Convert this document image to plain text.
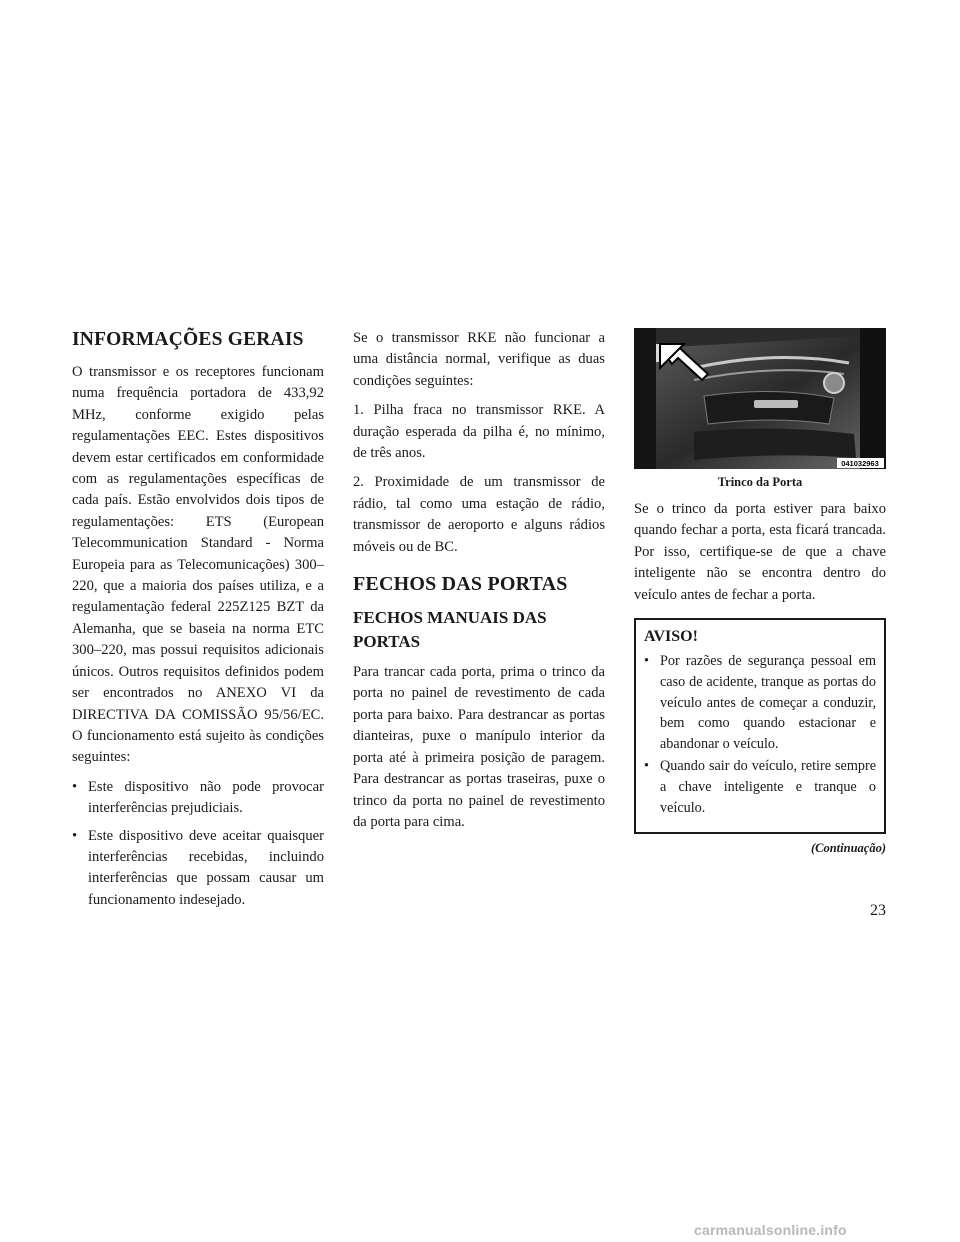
INFORMAÇÕES GERAIS

O transmissor e os receptores funcionam numa frequência portadora de 433,92 MHz, conforme exigido pelas regulamentações EEC. Estes dispositivos devem estar certificados em conformidade com as regulamentações específicas de cada país. Estão envolvidos dois tipos de regulamentações: ETS (European Telecommunication Standard - Norma Europeia para as Telecomunicações) 300–220, que a maioria dos países utiliza, e a regulamentação federal 225Z125 BZT da Alemanha, que se baseia na norma ETC 300–220, mas possui requisitos adicionais únicos. Outros requisitos definidos podem ser encontrados no ANEXO VI da DIRECTIVA DA COMISSÃO 95/56/EC. O funcionamento está sujeito às condições seguintes:

• Este dispositivo não pode provocar interferências prejudiciais.
• Este dispositivo deve aceitar quaisquer interferências recebidas, incluindo interferências que possam causar um funcionamento indesejado.

Se o transmissor RKE não funcionar a uma distância normal, verifique as duas condições seguintes:

1. Pilha fraca no transmissor RKE. A duração esperada da pilha é, no mínimo, de três anos.

2. Proximidade de um transmissor de rádio, tal como uma estação de rádio, transmissor de aeroporto e alguns rádios móveis ou de BC.

FECHOS DAS PORTAS
FECHOS MANUAIS DAS PORTAS

Para trancar cada porta, prima o trinco da porta no painel de revestimento de cada porta para baixo. Para destrancar as portas dianteiras, puxe o manípulo interior da porta até à primeira posição de paragem. Para destrancar as portas traseiras, puxe o trinco da porta no painel de revestimento da porta para cima.

041032963
Trinco da Porta

Se o trinco da porta estiver para baixo quando fechar a porta, esta ficará trancada. Por isso, certifique-se de que a chave inteligente não se encontra dentro do veículo antes de fechar a porta.

AVISO!
• Por razões de segurança pessoal em caso de acidente, tranque as portas do veículo antes de começar a conduzir, bem como quando estacionar e abandonar o veículo.
• Quando sair do veículo, retire sempre a chave inteligente e tranque o veículo.
(Continuação)
23
carmanualsonline.info
